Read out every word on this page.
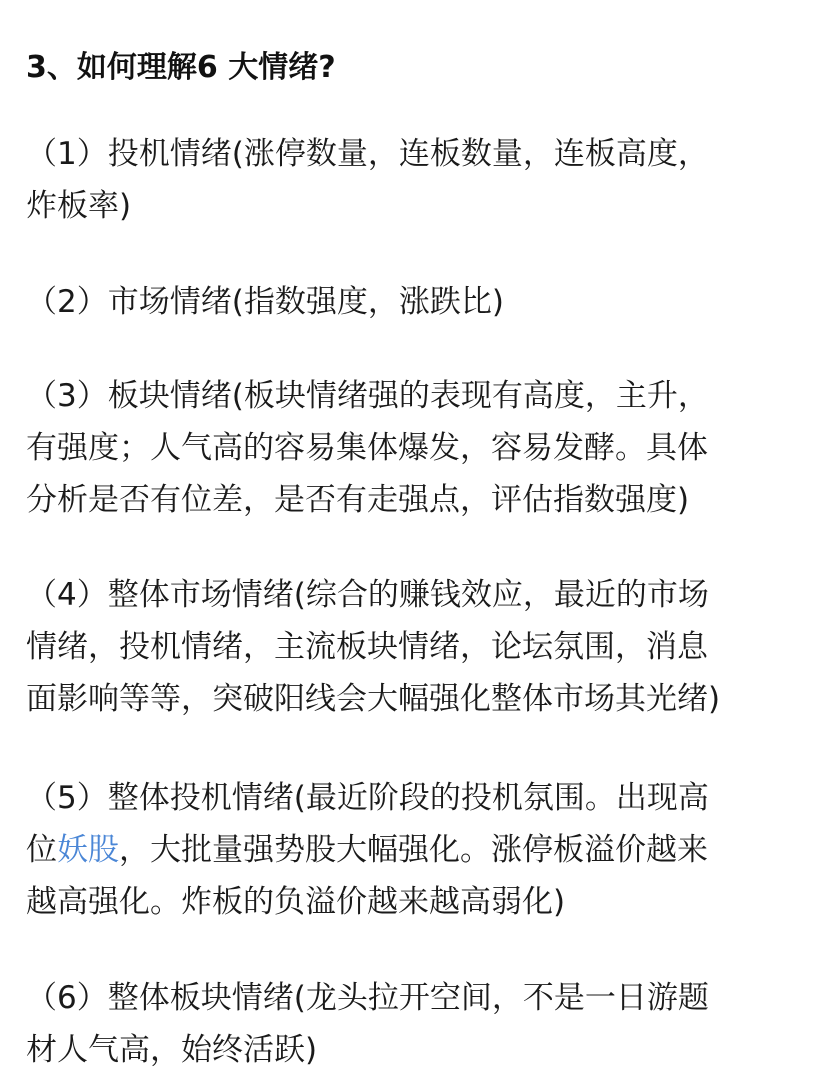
3、如何理解6 大情绪?
（1）投机情绪(涨停数量，连板数量，连板高度，
炸板率)
（2）市场情绪(指数强度，涨跌比)
（3）板块情绪(板块情绪强的表现有高度，主升，
有强度；人气高的容易集体爆发，容易发酵。具体
分析是否有位差，是否有走强点，评估指数强度)
（4）整体市场情绪(综合的赚钱效应，最近的市场
情绪，投机情绪，主流板块情绪，论坛氛围，消息
面影响等等，突破阳线会大幅强化整体市场其光绪)
（5）整体投机情绪(最近阶段的投机氛围。出现高
位妖股，大批量强势股大幅强化。涨停板溢价越来
越高强化。炸板的负溢价越来越高弱化)
（6）整体板块情绪(龙头拉开空间，不是一日游题
材人气高，始终活跃)
